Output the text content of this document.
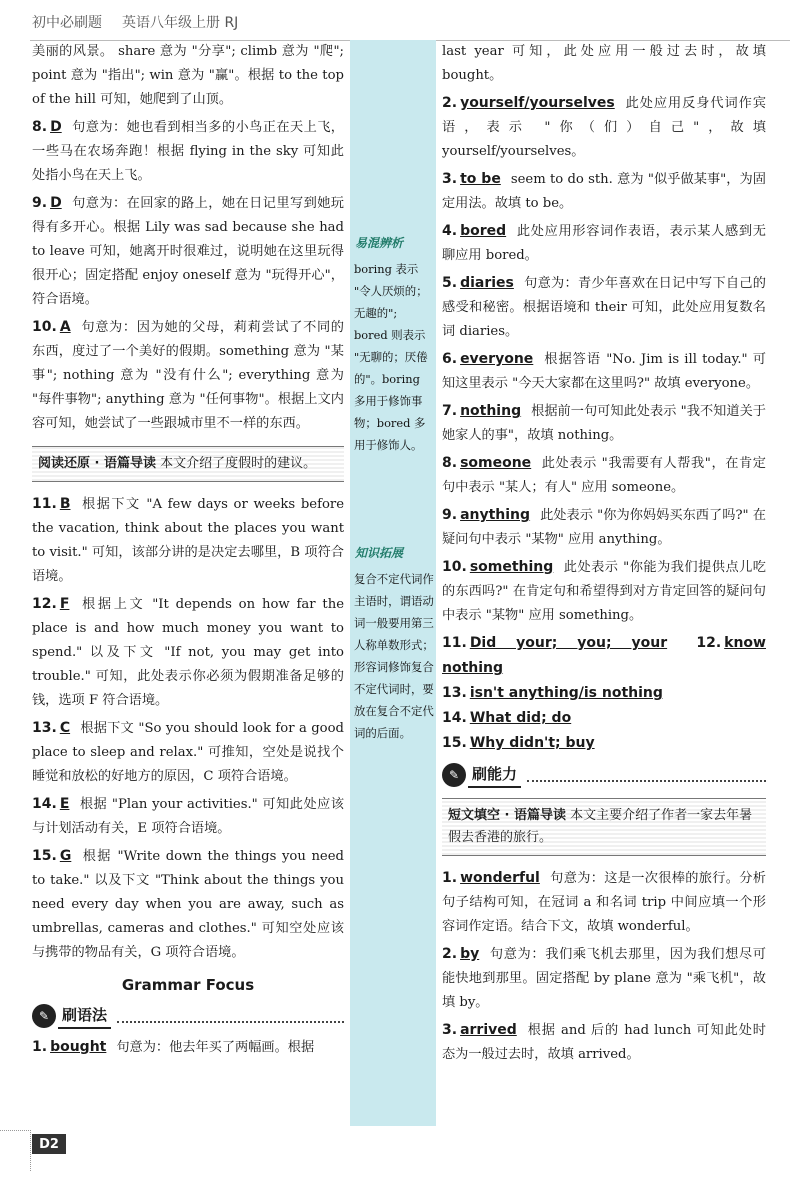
初中必刷题 英语八年级上册 RJ

美丽的风景。 share 意为 "分享"; climb 意为 "爬"; point 意为 "指出"; win 意为 "赢"。根据 to the top of the hill 可知，她爬到了山顶。

8. D 句意为：她也看到相当多的小鸟正在天上飞，一些马在农场奔跑！根据 flying in the sky 可知此处指小鸟在天上飞。

9. D 句意为：在回家的路上，她在日记里写到她玩得有多开心。根据 Lily was sad because she had to leave 可知，她离开时很难过，说明她在这里玩得很开心；固定搭配 enjoy oneself 意为 "玩得开心"，符合语境。

10. A 句意为：因为她的父母，莉莉尝试了不同的东西，度过了一个美好的假期。something 意为 "某事"; nothing 意为 "没有什么"; everything 意为 "每件事物"; anything 意为 "任何事物"。根据上文内容可知，她尝试了一些跟城市里不一样的东西。

阅读还原 · 语篇导读 本文介绍了度假时的建议。

11. B 根据下文 "A few days or weeks before the vacation, think about the places you want to visit." 可知，该部分讲的是决定去哪里，B 项符合语境。

12. F 根据上文 "It depends on how far the place is and how much money you want to spend." 以及下文 "If not, you may get into trouble." 可知，此处表示你必须为假期准备足够的钱，选项 F 符合语境。

13. C 根据下文 "So you should look for a good place to sleep and relax." 可推知，空处是说找个睡觉和放松的好地方的原因，C 项符合语境。

14. E 根据 "Plan your activities." 可知此处应该与计划活动有关，E 项符合语境。

15. G 根据 "Write down the things you need to take." 以及下文 "Think about the things you need every day when you are away, such as umbrellas, cameras and clothes." 可知空处应该与携带的物品有关，G 项符合语境。

Grammar Focus
✎ 刷语法

1. bought 句意为：他去年买了两幅画。根据

易混辨析
boring 表示 "令人厌烦的；无趣的"; bored 则表示 "无聊的；厌倦的"。boring 多用于修饰事物；bored 多用于修饰人。
知识拓展
复合不定代词作主语时，谓语动词一般要用第三人称单数形式；形容词修饰复合不定代词时，要放在复合不定代词的后面。

last year 可知，此处应用一般过去时，故填 bought。

2. yourself/yourselves 此处应用反身代词作宾语，表示 "你（们）自己"，故填 yourself/yourselves。

3. to be seem to do sth. 意为 "似乎做某事"，为固定用法。故填 to be。

4. bored 此处应用形容词作表语，表示某人感到无聊应用 bored。

5. diaries 句意为：青少年喜欢在日记中写下自己的感受和秘密。根据语境和 their 可知，此处应用复数名词 diaries。

6. everyone 根据答语 "No. Jim is ill today." 可知这里表示 "今天大家都在这里吗?" 故填 everyone。

7. nothing 根据前一句可知此处表示 "我不知道关于她家人的事"，故填 nothing。

8. someone 此处表示 "我需要有人帮我"，在肯定句中表示 "某人；有人" 应用 someone。

9. anything 此处表示 "你为你妈妈买东西了吗?" 在疑问句中表示 "某物" 应用 anything。

10. something 此处表示 "你能为我们提供点儿吃的东西吗?" 在肯定句和希望得到对方肯定回答的疑问句中表示 "某物" 应用 something。

11. Did your; you; your 12. know nothing

13. isn't anything/is nothing

14. What did; do

15. Why didn't; buy

✎ 刷能力
短文填空 · 语篇导读 本文主要介绍了作者一家去年暑假去香港的旅行。

1. wonderful 句意为：这是一次很棒的旅行。分析句子结构可知，在冠词 a 和名词 trip 中间应填一个形容词作定语。结合下文，故填 wonderful。

2. by 句意为：我们乘飞机去那里，因为我们想尽可能快地到那里。固定搭配 by plane 意为 "乘飞机"，故填 by。

3. arrived 根据 and 后的 had lunch 可知此处时态为一般过去时，故填 arrived。

D2
